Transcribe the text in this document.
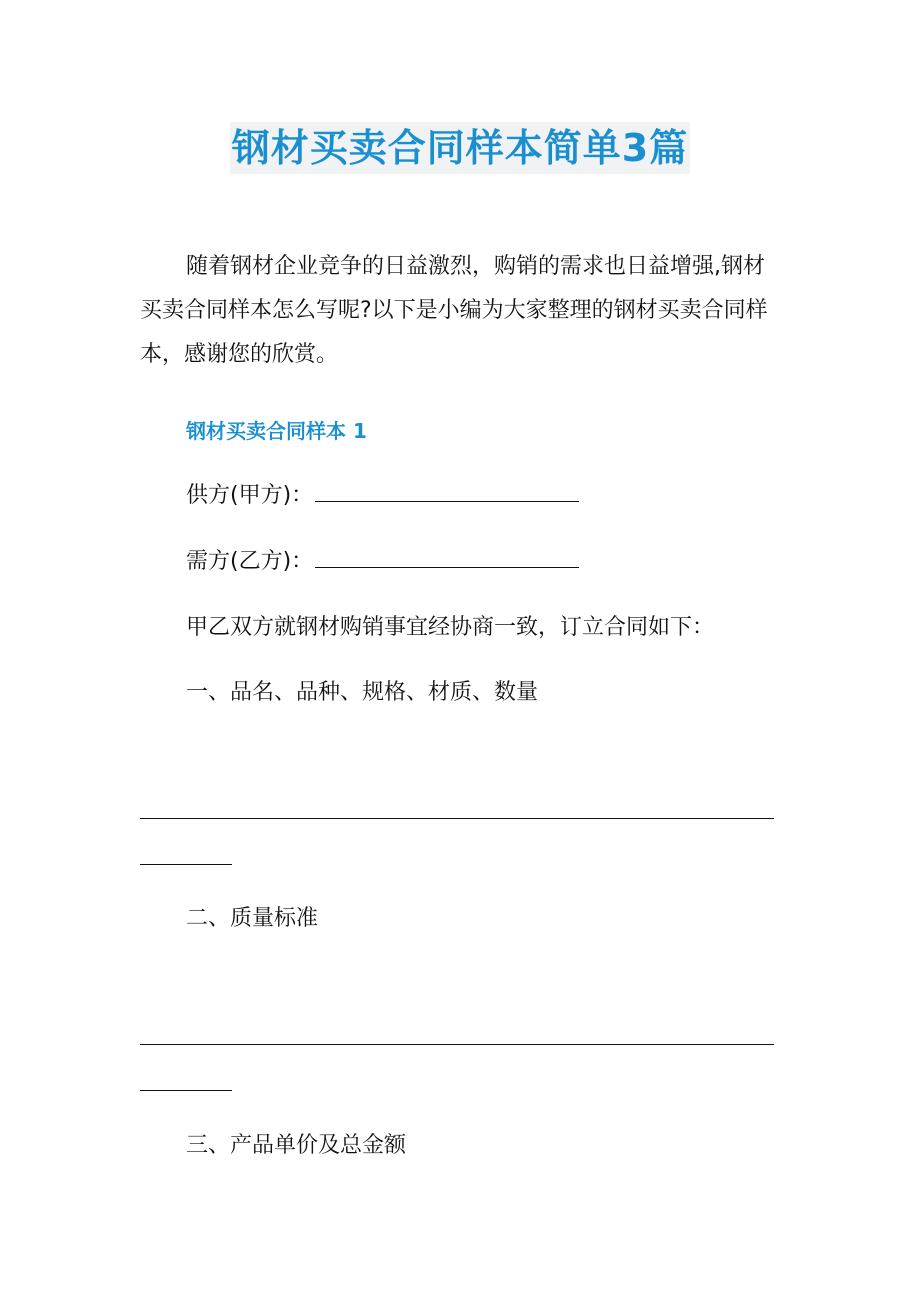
钢材买卖合同样本简单3篇

随着钢材企业竞争的日益激烈，购销的需求也日益增强,钢材买卖合同样本怎么写呢?以下是小编为大家整理的钢材买卖合同样本，感谢您的欣赏。

钢材买卖合同样本 1

供方(甲方)：

需方(乙方)：

甲乙双方就钢材购销事宜经协商一致，订立合同如下：

一、品名、品种、规格、材质、数量

二、质量标准

三、产品单价及总金额
